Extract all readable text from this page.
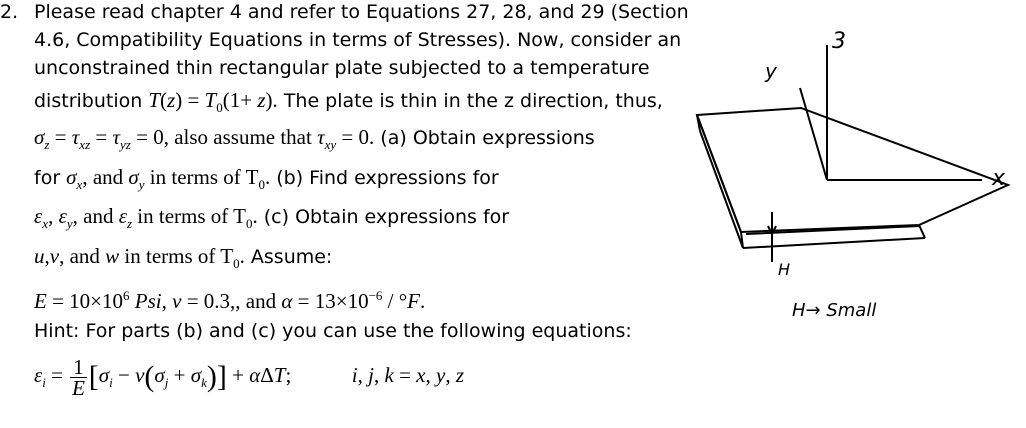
2. Please read chapter 4 and refer to Equations 27, 28, and 29 (Section
4.6, Compatibility Equations in terms of Stresses). Now, consider an
unconstrained thin rectangular plate subjected to a temperature
distribution $T(z) = T_0(1+ z)$. The plate is thin in the z direction, thus,
$\sigma_z = \tau_{xz} = \tau_{yz} = 0$, also assume that $\tau_{xy} = 0$. (a) Obtain expressions
for $\sigma_x$, and $\sigma_y$ in terms of $T_0$. (b) Find expressions for
$\varepsilon_x$, $\varepsilon_y$, and $\varepsilon_z$ in terms of $T_0$. (c) Obtain expressions for
u,v, and w in terms of $T_0$. Assume:
$E = 10\times 10^6$ Psi, ν = 0.3,, and $\alpha = 13\times 10^{-6} / ^\circ F$.
Hint: For parts (b) and (c) you can use the following equations:
$\varepsilon_i = \frac{1}{E} [\sigma_i - \nu(\sigma_j + \sigma_k)] + \alpha\Delta T$;	i, j, k = x, y, z
3
y
x
H
H→ Small
